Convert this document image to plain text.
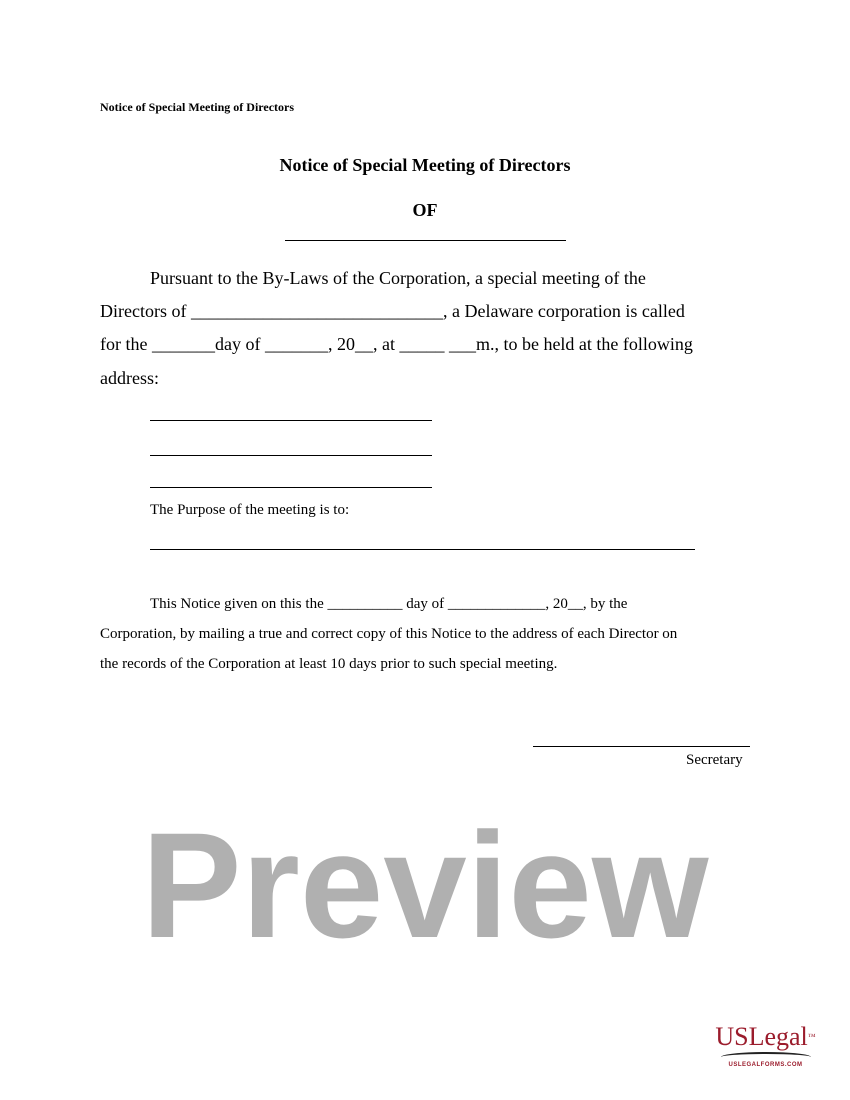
Notice of Special Meeting of Directors
Notice of Special Meeting of Directors
OF
Pursuant to the By-Laws of the Corporation, a special meeting of the
Directors of ____________________________, a Delaware corporation is called
for the _______day of _______, 20__, at _____ ___m., to be held at the following
address:
The Purpose of the meeting is to:
This Notice given on this the __________ day of _____________, 20__, by the
Corporation, by mailing a true and correct copy of this Notice to the address of each Director on
the records of the Corporation at least 10 days prior to such special meeting.
Secretary
Preview
USLegal™
USLEGALFORMS.COM
